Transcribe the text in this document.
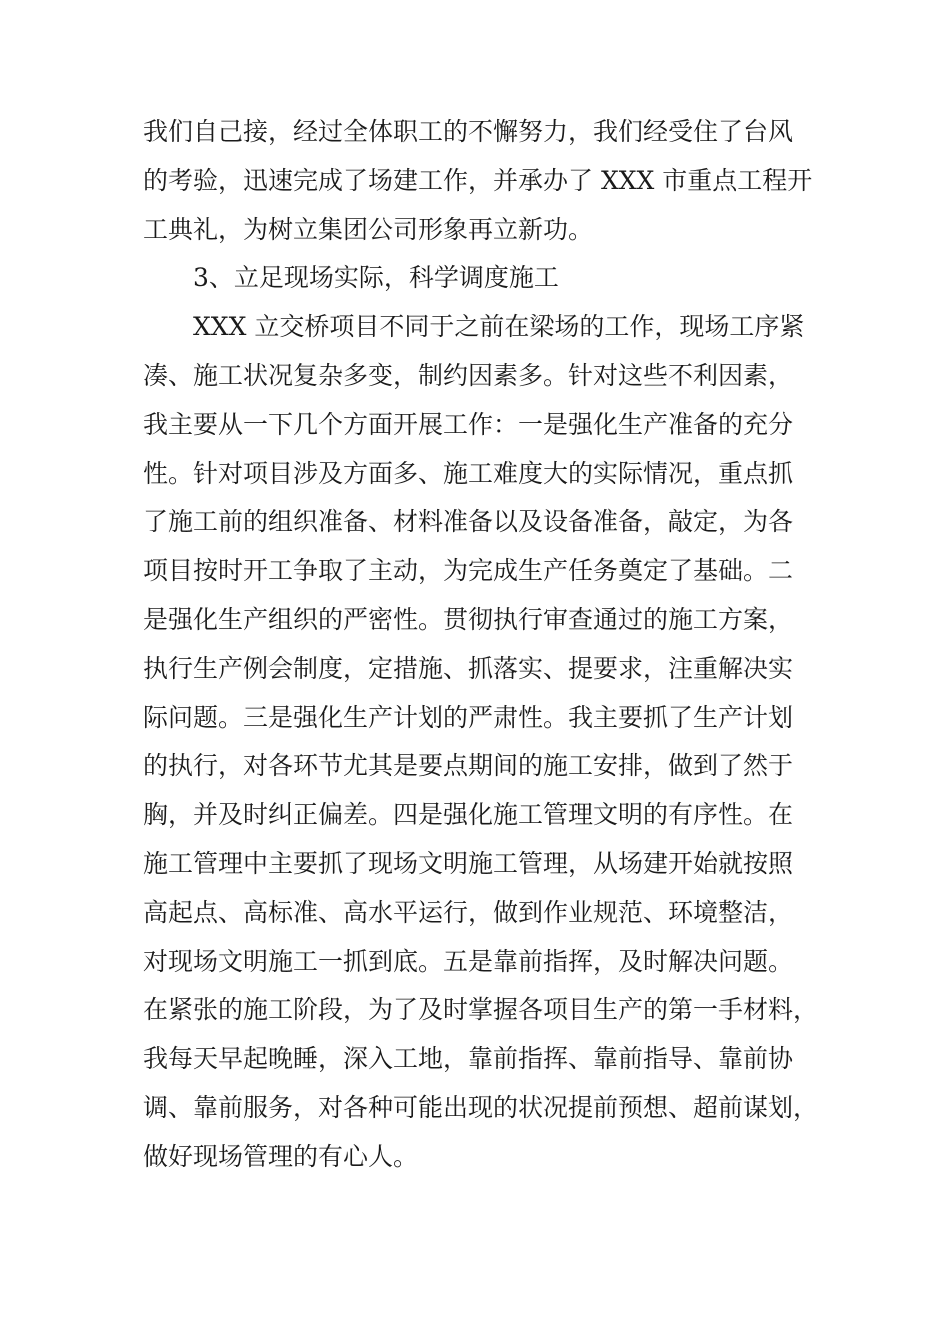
我们自己接，经过全体职工的不懈努力，我们经受住了台风
的考验，迅速完成了场建工作，并承办了 XXX 市重点工程开
工典礼，为树立集团公司形象再立新功。
3、立足现场实际，科学调度施工
XXX 立交桥项目不同于之前在梁场的工作，现场工序紧
凑、施工状况复杂多变，制约因素多。针对这些不利因素，
我主要从一下几个方面开展工作：一是强化生产准备的充分
性。针对项目涉及方面多、施工难度大的实际情况，重点抓
了施工前的组织准备、材料准备以及设备准备，敲定，为各
项目按时开工争取了主动，为完成生产任务奠定了基础。二
是强化生产组织的严密性。贯彻执行审查通过的施工方案，
执行生产例会制度，定措施、抓落实、提要求，注重解决实
际问题。三是强化生产计划的严肃性。我主要抓了生产计划
的执行，对各环节尤其是要点期间的施工安排，做到了然于
胸，并及时纠正偏差。四是强化施工管理文明的有序性。在
施工管理中主要抓了现场文明施工管理，从场建开始就按照
高起点、高标准、高水平运行，做到作业规范、环境整洁，
对现场文明施工一抓到底。五是靠前指挥，及时解决问题。
在紧张的施工阶段，为了及时掌握各项目生产的第一手材料，
我每天早起晚睡，深入工地，靠前指挥、靠前指导、靠前协
调、靠前服务，对各种可能出现的状况提前预想、超前谋划，
做好现场管理的有心人。
